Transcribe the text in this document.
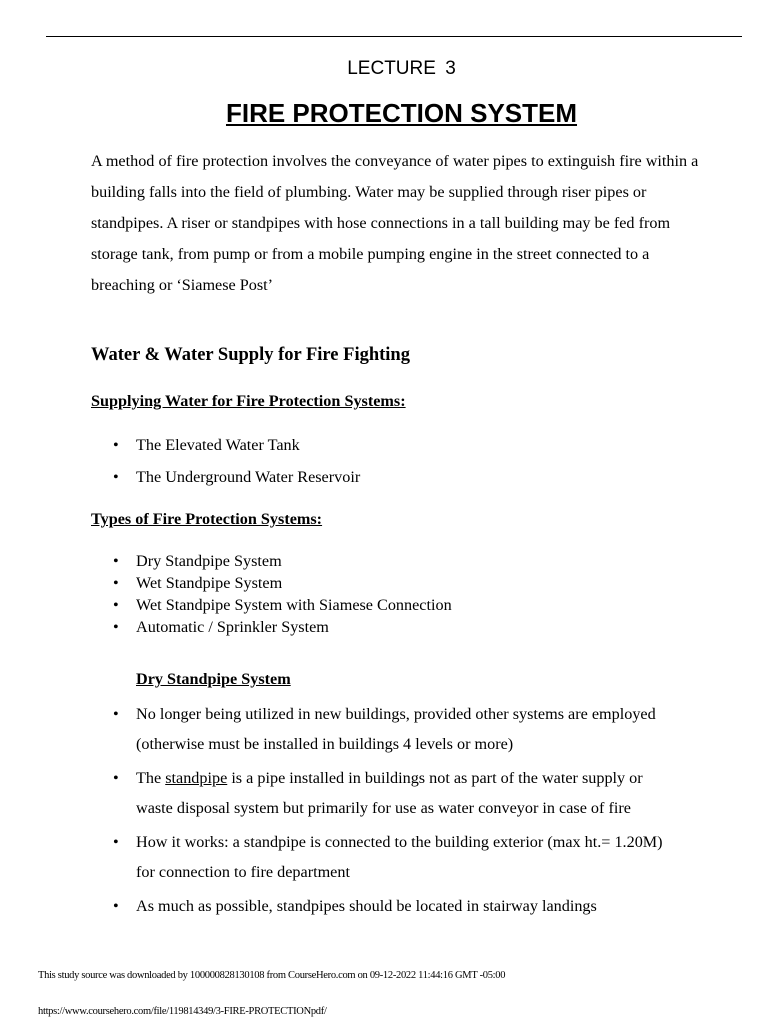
LECTURE 3
FIRE PROTECTION SYSTEM

A method of fire protection involves the conveyance of water pipes to extinguish fire within a building falls into the field of plumbing. Water may be supplied through riser pipes or standpipes. A riser or standpipes with hose connections in a tall building may be fed from storage tank, from pump or from a mobile pumping engine in the street connected to a breaching or ‘Siamese Post’

Water & Water Supply for Fire Fighting
Supplying Water for Fire Protection Systems:
• The Elevated Water Tank
• The Underground Water Reservoir
Types of Fire Protection Systems:
• Dry Standpipe System
• Wet Standpipe System
• Wet Standpipe System with Siamese Connection
• Automatic / Sprinkler System
Dry Standpipe System
• No longer being utilized in new buildings, provided other systems are employed (otherwise must be installed in buildings 4 levels or more)
• The standpipe is a pipe installed in buildings not as part of the water supply or waste disposal system but primarily for use as water conveyor in case of fire
• How it works: a standpipe is connected to the building exterior (max ht.= 1.20M) for connection to fire department
• As much as possible, standpipes should be located in stairway landings
This study source was downloaded by 100000828130108 from CourseHero.com on 09-12-2022 11:44:16 GMT -05:00
https://www.coursehero.com/file/119814349/3-FIRE-PROTECTIONpdf/
